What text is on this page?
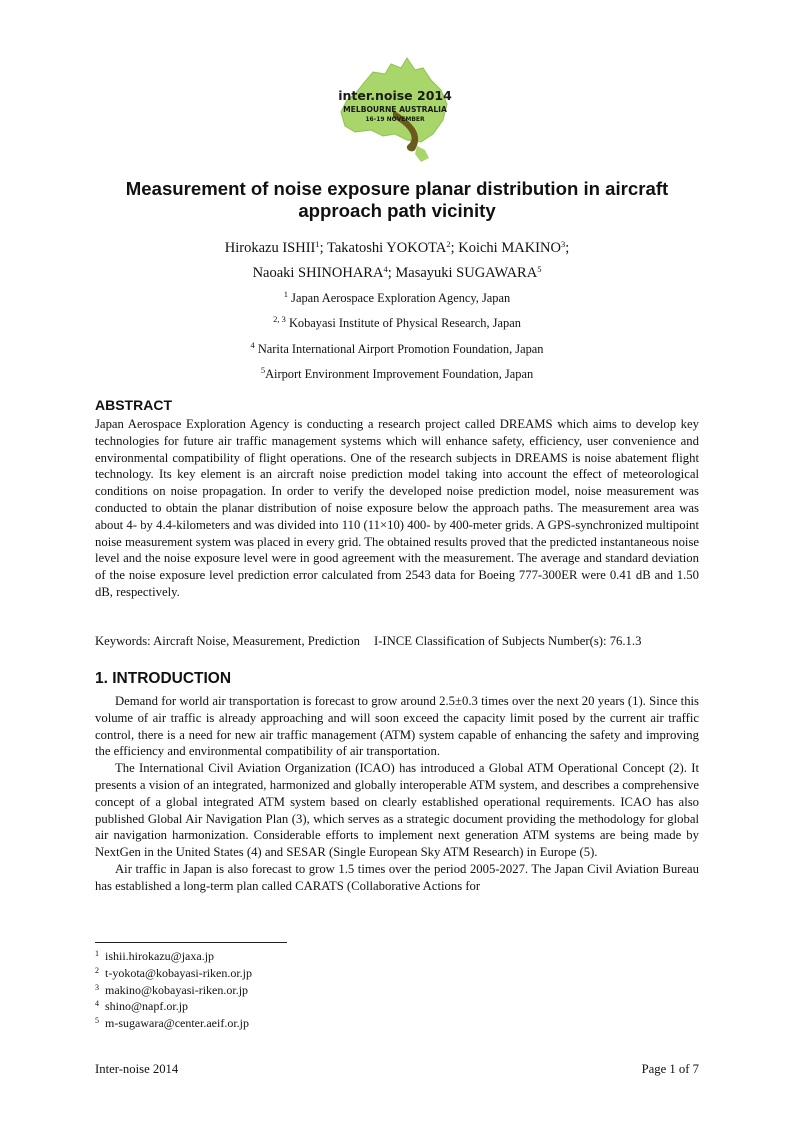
inter.noise 2014
MELBOURNE AUSTRALIA
16-19 NOVEMBER
Measurement of noise exposure planar distribution in aircraft approach path vicinity
Hirokazu ISHII$^1$; Takatoshi YOKOTA$^2$; Koichi MAKINO$^3$;
Naoaki SHINOHARA$^4$; Masayuki SUGAWARA$^5$
$^1$ Japan Aerospace Exploration Agency, Japan
$^{2, 3}$ Kobayasi Institute of Physical Research, Japan
$^4$ Narita International Airport Promotion Foundation, Japan
$^5$Airport Environment Improvement Foundation, Japan
ABSTRACT
Japan Aerospace Exploration Agency is conducting a research project called DREAMS which aims to develop key technologies for future air traffic management systems which will enhance safety, efficiency, user convenience and environmental compatibility of flight operations. One of the research subjects in DREAMS is noise abatement flight technology. Its key element is an aircraft noise prediction model taking into account the effect of meteorological conditions on noise propagation. In order to verify the developed noise prediction model, noise measurement was conducted to obtain the planar distribution of noise exposure below the approach paths. The measurement area was about 4- by 4.4-kilometers and was divided into 110 (11×10) 400- by 400-meter grids. A GPS-synchronized multipoint noise measurement system was placed in every grid. The obtained results proved that the predicted instantaneous noise level and the noise exposure level were in good agreement with the measurement. The average and standard deviation of the noise exposure level prediction error calculated from 2543 data for Boeing 777-300ER were 0.41 dB and 1.50 dB, respectively.
Keywords: Aircraft Noise, Measurement, Prediction I-INCE Classification of Subjects Number(s): 76.1.3
1. INTRODUCTION

Demand for world air transportation is forecast to grow around 2.5±0.3 times over the next 20 years (1). Since this volume of air traffic is already approaching and will soon exceed the capacity limit posed by the current air traffic control, there is a need for new air traffic management (ATM) system capable of enhancing the safety and improving the efficiency and environmental compatibility of air transportation.

The International Civil Aviation Organization (ICAO) has introduced a Global ATM Operational Concept (2). It presents a vision of an integrated, harmonized and globally interoperable ATM system, and describes a comprehensive concept of a global integrated ATM system based on clearly established operational requirements. ICAO has also published Global Air Navigation Plan (3), which serves as a strategic document providing the methodology for global air navigation harmonization. Considerable efforts to implement next generation ATM systems are being made by NextGen in the United States (4) and SESAR (Single European Sky ATM Research) in Europe (5).

Air traffic in Japan is also forecast to grow 1.5 times over the period 2005-2027. The Japan Civil Aviation Bureau has established a long-term plan called CARATS (Collaborative Actions for

$^1$ ishii.hirokazu@jaxa.jp
$^2$ t-yokota@kobayasi-riken.or.jp
$^3$ makino@kobayasi-riken.or.jp
$^4$ shino@napf.or.jp
$^5$ m-sugawara@center.aeif.or.jp
Inter-noise 2014	Page 1 of 7
